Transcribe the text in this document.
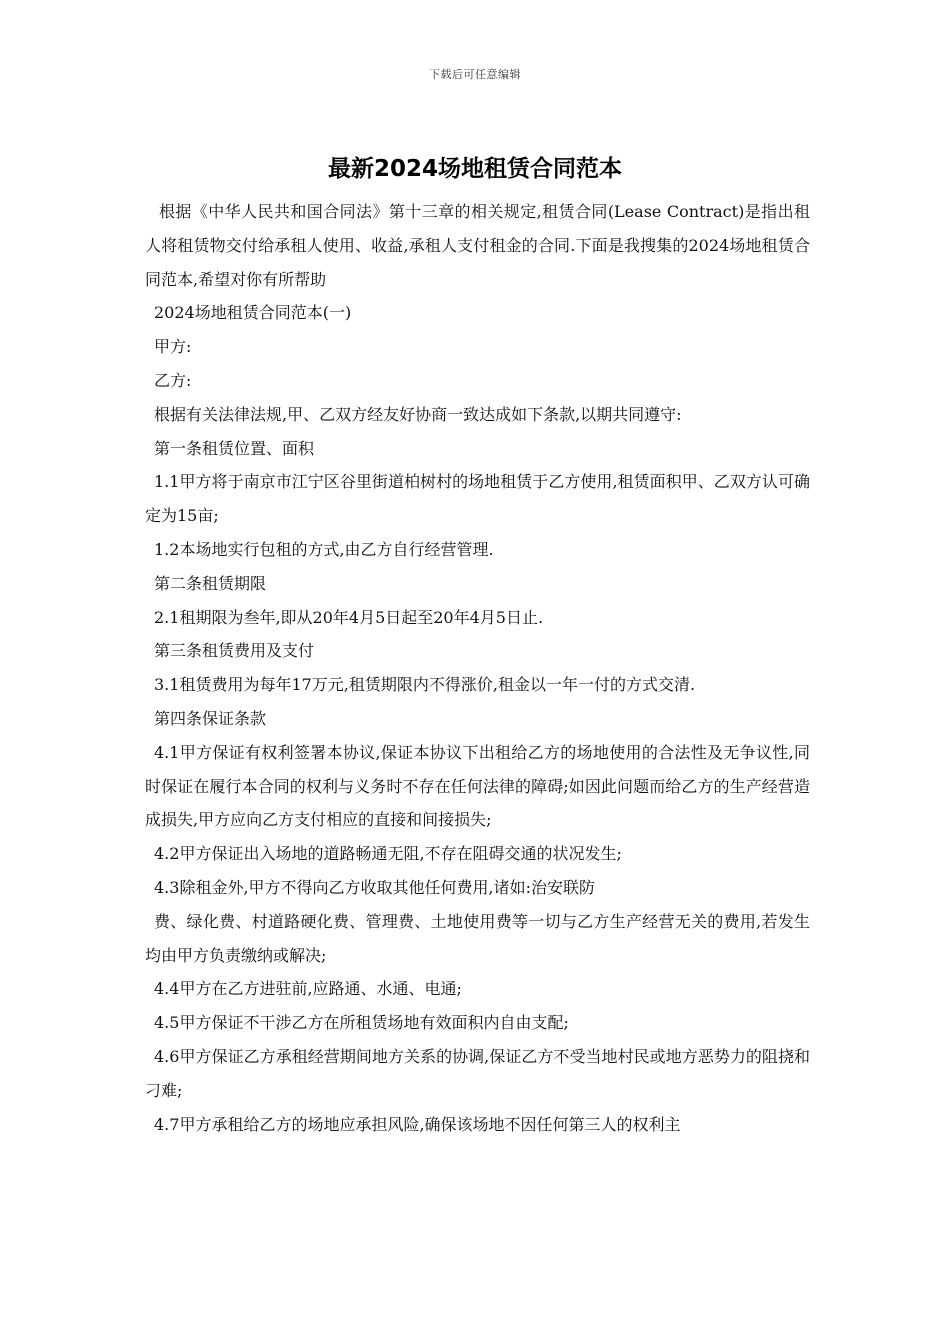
下载后可任意编辑
最新2024场地租赁合同范本

根据《中华人民共和国合同法》第十三章的相关规定,租赁合同(Lease Contract)是指出租人将租赁物交付给承租人使用、收益,承租人支付租金的合同.下面是我搜集的2024场地租赁合同范本,希望对你有所帮助

2024场地租赁合同范本(一)

甲方:

乙方:

根据有关法律法规,甲、乙双方经友好协商一致达成如下条款,以期共同遵守:

第一条租赁位置、面积

1.1甲方将于南京市江宁区谷里街道柏树村的场地租赁于乙方使用,租赁面积甲、乙双方认可确定为15亩;

1.2本场地实行包租的方式,由乙方自行经营管理.

第二条租赁期限

2.1租期限为叁年,即从20年4月5日起至20年4月5日止.

第三条租赁费用及支付

3.1租赁费用为每年17万元,租赁期限内不得涨价,租金以一年一付的方式交清.

第四条保证条款

4.1甲方保证有权利签署本协议,保证本协议下出租给乙方的场地使用的合法性及无争议性,同时保证在履行本合同的权利与义务时不存在任何法律的障碍;如因此问题而给乙方的生产经营造成损失,甲方应向乙方支付相应的直接和间接损失;

4.2甲方保证出入场地的道路畅通无阻,不存在阻碍交通的状况发生;

4.3除租金外,甲方不得向乙方收取其他任何费用,诸如:治安联防

费、绿化费、村道路硬化费、管理费、土地使用费等一切与乙方生产经营无关的费用,若发生均由甲方负责缴纳或解决;

4.4甲方在乙方进驻前,应路通、水通、电通;

4.5甲方保证不干涉乙方在所租赁场地有效面积内自由支配;

4.6甲方保证乙方承租经营期间地方关系的协调,保证乙方不受当地村民或地方恶势力的阻挠和刁难;

4.7甲方承租给乙方的场地应承担风险,确保该场地不因任何第三人的权利主
